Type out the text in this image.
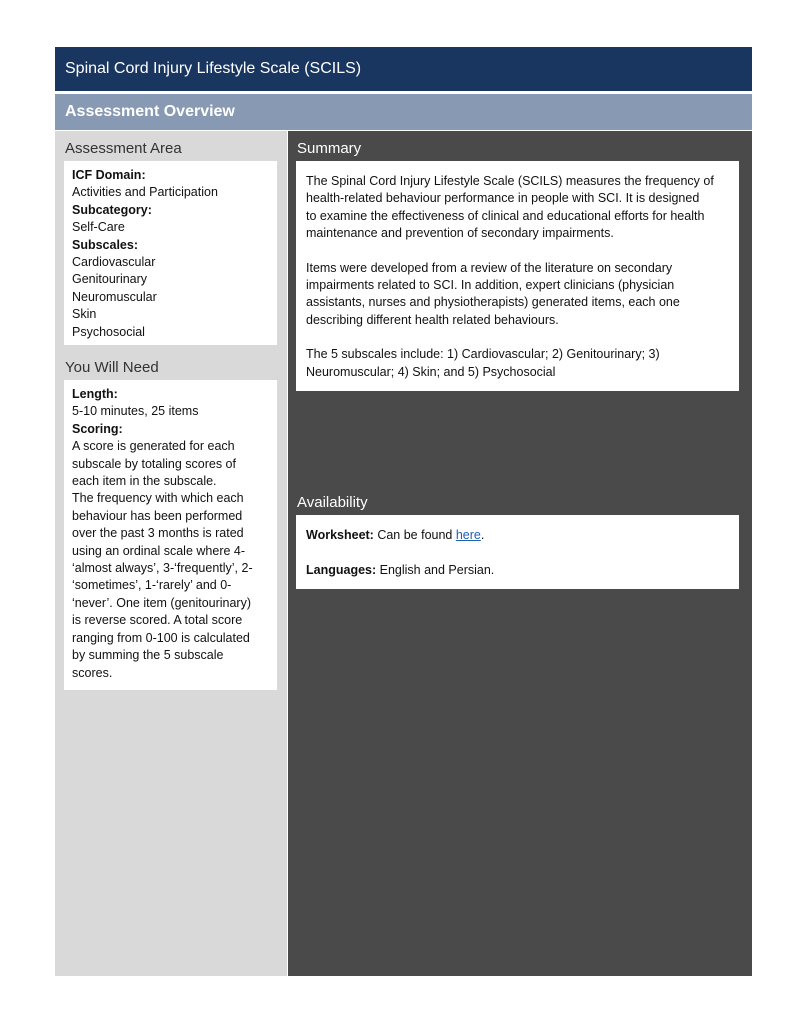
Spinal Cord Injury Lifestyle Scale (SCILS)
Assessment Overview
Assessment Area
ICF Domain:
Activities and Participation
Subcategory:
Self-Care
Subscales:
Cardiovascular
Genitourinary
Neuromuscular
Skin
Psychosocial
You Will Need
Length:
5-10 minutes, 25 items
Scoring:
A score is generated for each
subscale by totaling scores of
each item in the subscale.
The frequency with which each
behaviour has been performed
over the past 3 months is rated
using an ordinal scale where 4-
‘almost always’, 3-‘frequently’, 2-
‘sometimes’, 1-‘rarely’ and 0-
‘never’. One item (genitourinary)
is reverse scored. A total score
ranging from 0-100 is calculated
by summing the 5 subscale
scores.
Summary
The Spinal Cord Injury Lifestyle Scale (SCILS) measures the frequency of
health-related behaviour performance in people with SCI. It is designed
to examine the effectiveness of clinical and educational efforts for health
maintenance and prevention of secondary impairments.
Items were developed from a review of the literature on secondary
impairments related to SCI. In addition, expert clinicians (physician
assistants, nurses and physiotherapists) generated items, each one
describing different health related behaviours.
The 5 subscales include: 1) Cardiovascular; 2) Genitourinary; 3)
Neuromuscular; 4) Skin; and 5) Psychosocial
Availability
Worksheet: Can be found here.
Languages: English and Persian.
